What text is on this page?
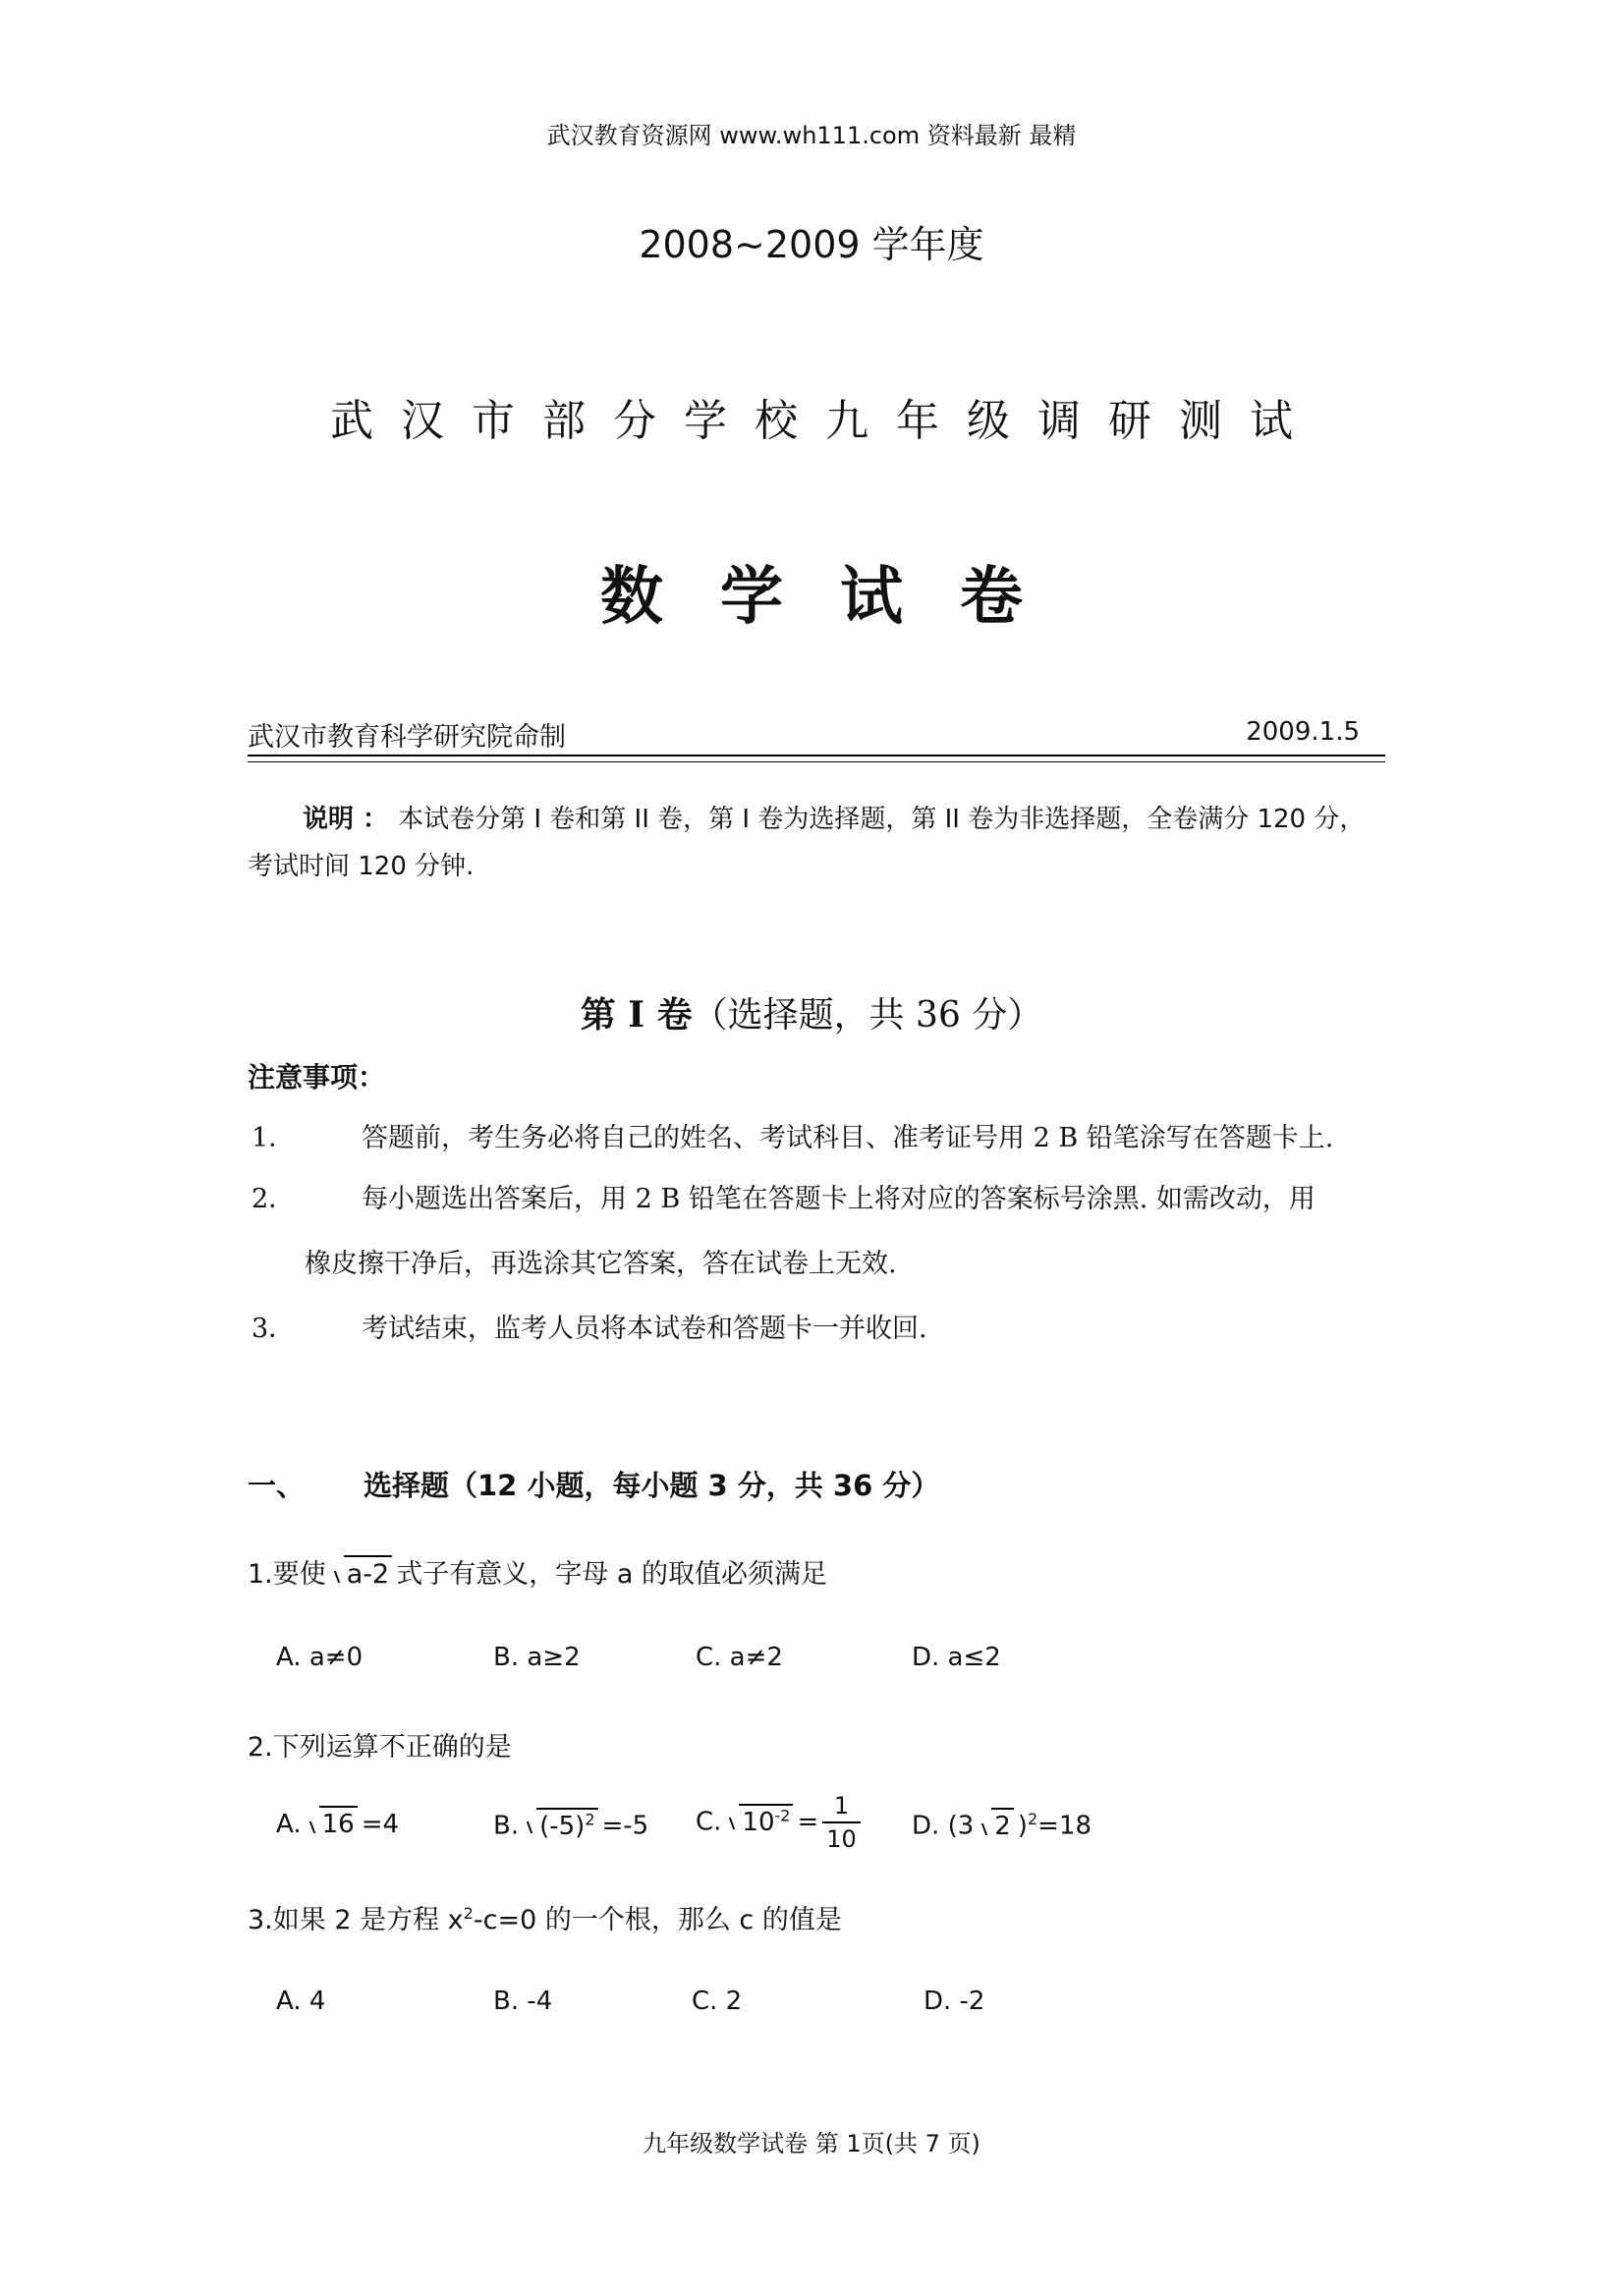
武汉教育资源网 www.wh111.com 资料最新 最精
2008~2009 学年度
武汉市部分学校九年级调研测试
数学试卷
武汉市教育科学研究院命制	2009.1.5
说明 ： 本试卷分第 I 卷和第 II 卷，第 I 卷为选择题，第 II 卷为非选择题，全卷满分 120 分，考试时间 120 分钟.
第 I 卷（选择题，共 36 分）
注意事项：
1．	答题前，考生务必将自己的姓名、考试科目、准考证号用 2 B 铅笔涂写在答题卡上.
2．	每小题选出答案后，用 2 B 铅笔在答题卡上将对应的答案标号涂黑. 如需改动，用
橡皮擦干净后，再选涂其它答案，答在试卷上无效.
3．	考试结束，监考人员将本试卷和答题卡一并收回.
一、 选择题（12 小题，每小题 3 分，共 36 分）
1.要使 a-2 式子有意义，字母 a 的取值必须满足
A. a≠0	B. a≥2	C. a≠2	D. a≤2
2.下列运算不正确的是
A. 16 =4	B. $(-5)^2 =-5$ C. $10^{-2} = \frac{1}{10} D$. (3 2 )$^2$=18
3.如果 2 是方程 $x^2-c=0$ 的一个根，那么 c 的值是
A. 4	B. -4	C. 2	D. -2
九年级数学试卷 第 1页(共 7 页)
